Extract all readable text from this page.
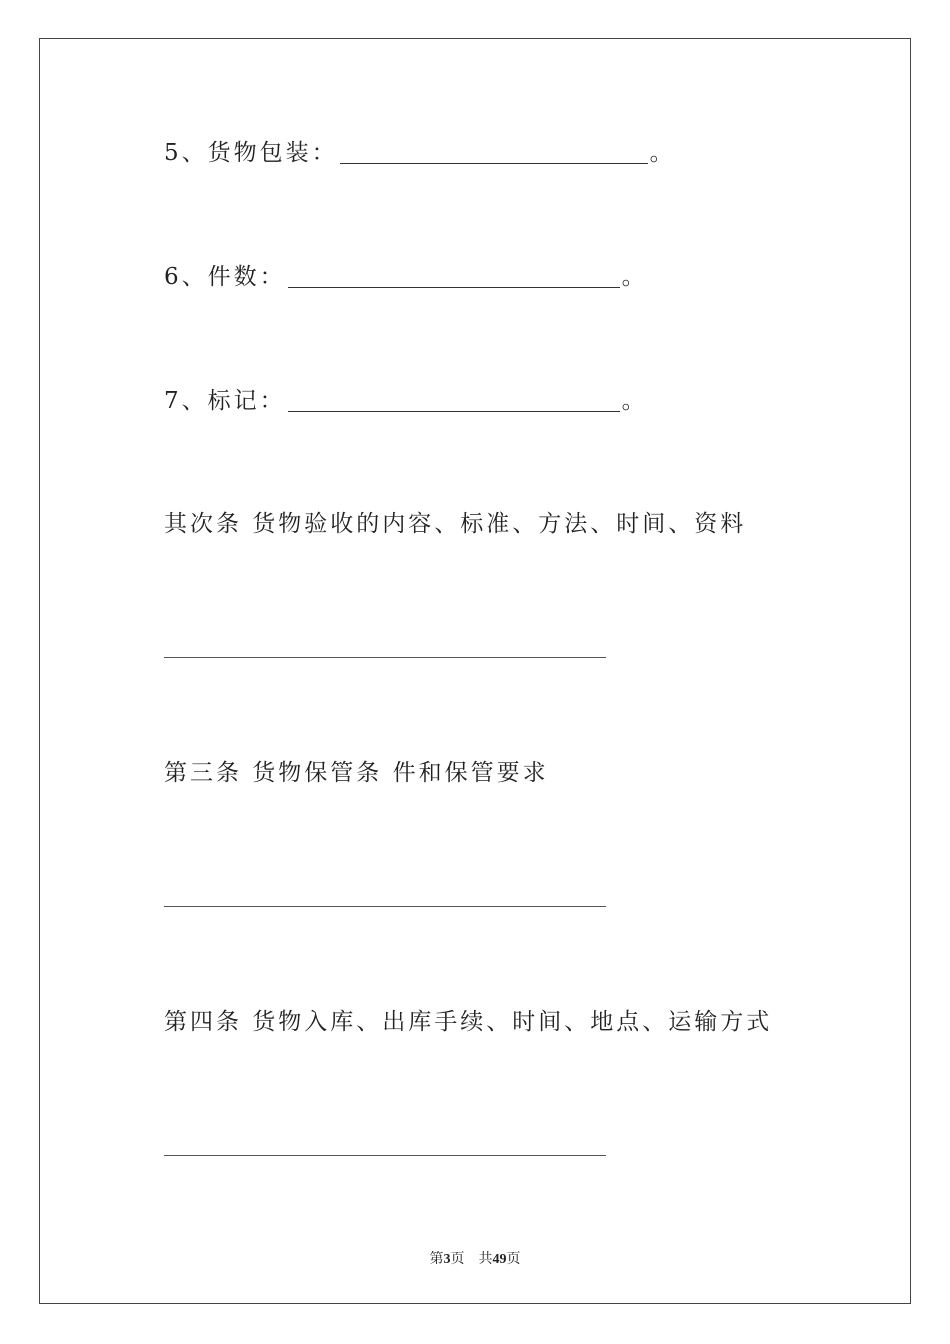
5、货物包装：	。
6、件数：	。
7、标记：	。
其次条 货物验收的内容、标准、方法、时间、资料
第三条 货物保管条 件和保管要求
第四条 货物入库、出库手续、时间、地点、运输方式
第3页 共49页
